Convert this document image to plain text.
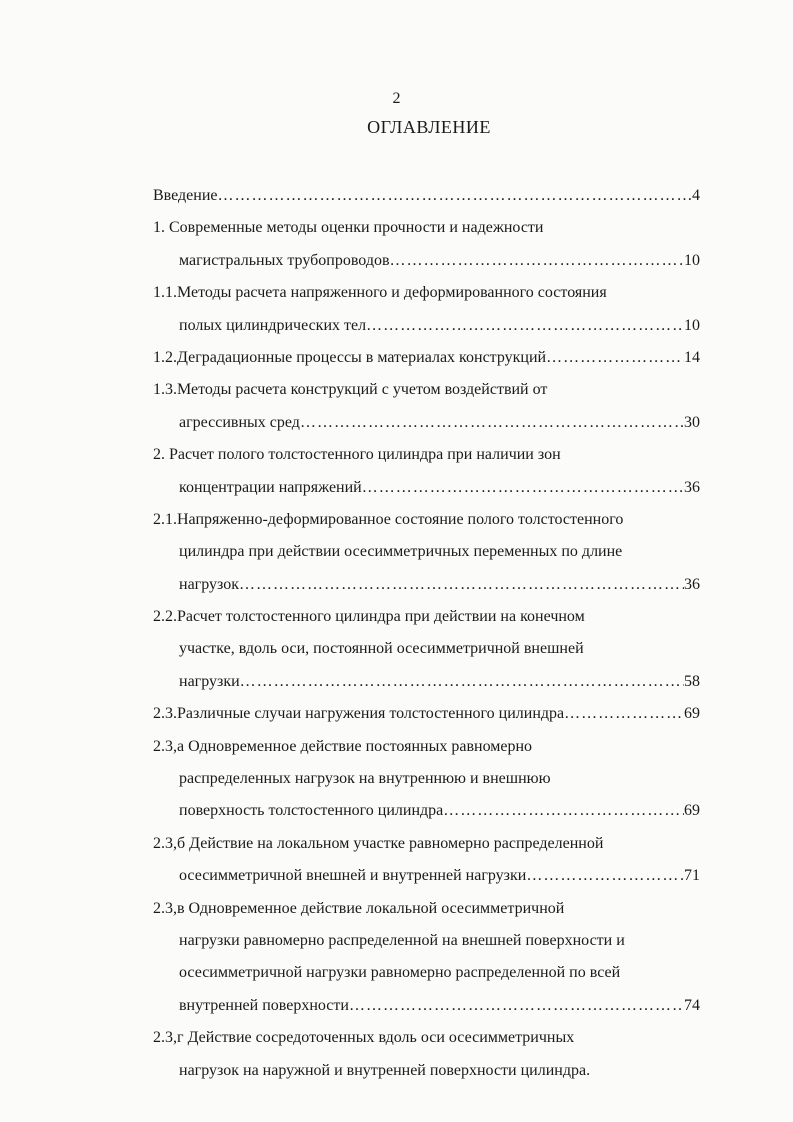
2
ОГЛАВЛЕНИЕ
Введение ……………………………………………………………………………………………………………………………………………	4
1. Современные методы оценки прочности и надежности
магистральных трубопроводов ……………………………………………………………………………………………………………………………………………	10
1.1.Методы расчета напряженного и деформированного состояния
полых цилиндрических тел ……………………………………………………………………………………………………………………………………………	10
1.2.Деградационные процессы в материалах конструкций ……………………………………………………………………………………………………………………………………………	14
1.3.Методы расчета конструкций с учетом воздействий от
агрессивных сред ……………………………………………………………………………………………………………………………………………	30
2. Расчет полого толстостенного цилиндра при наличии зон
концентрации напряжений ……………………………………………………………………………………………………………………………………………	36
2.1.Напряженно-деформированное состояние полого толстостенного
цилиндра при действии осесимметричных переменных по длине
нагрузок ……………………………………………………………………………………………………………………………………………	36
2.2.Расчет толстостенного цилиндра при действии на конечном
участке, вдоль оси, постоянной осесимметричной внешней
нагрузки ……………………………………………………………………………………………………………………………………………	58
2.3.Различные случаи нагружения толстостенного цилиндра ……………………………………………………………………………………………………………………………………………	69
2.3,а Одновременное действие постоянных равномерно
распределенных нагрузок на внутреннюю и внешнюю
поверхность толстостенного цилиндра ……………………………………………………………………………………………………………………………………………	69
2.3,б Действие на локальном участке равномерно распределенной
осесимметричной внешней и внутренней нагрузки ……………………………………………………………………………………………………………………………………………	71
2.3,в Одновременное действие локальной осесимметричной
нагрузки равномерно распределенной на внешней поверхности и
осесимметричной нагрузки равномерно распределенной по всей
внутренней поверхности ……………………………………………………………………………………………………………………………………………	74
2.3,г Действие сосредоточенных вдоль оси осесимметричных
нагрузок на наружной и внутренней поверхности цилиндра.
